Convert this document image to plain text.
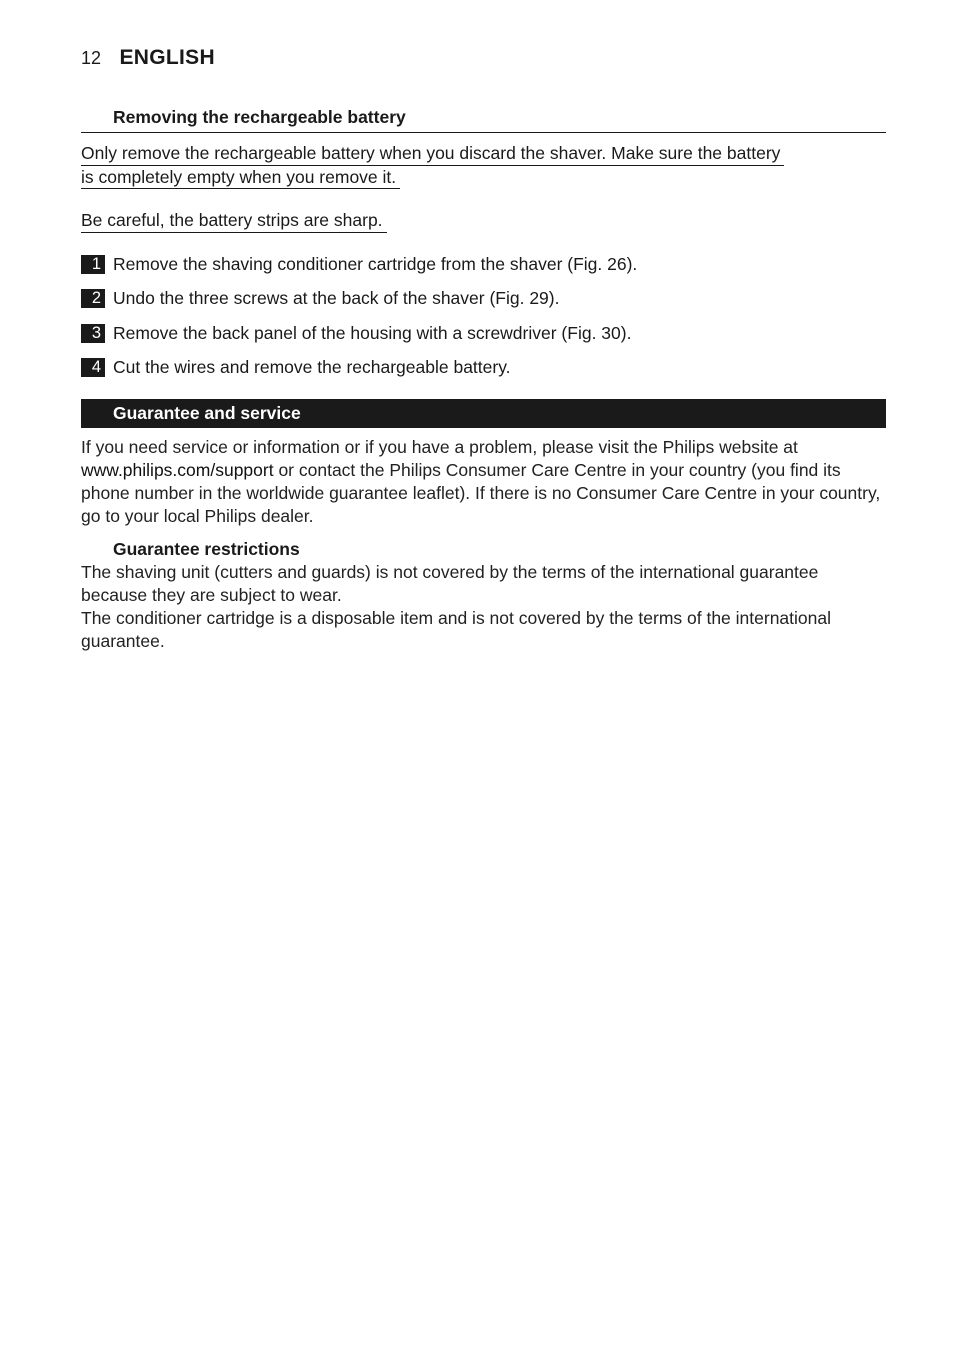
12 ENGLISH
Removing the rechargeable battery
Only remove the rechargeable battery when you discard the shaver. Make sure the battery
is completely empty when you remove it.
Be careful, the battery strips are sharp.
1 Remove the shaving conditioner cartridge from the shaver (Fig. 26).
2 Undo the three screws at the back of the shaver (Fig. 29).
3 Remove the back panel of the housing with a screwdriver (Fig. 30).
4 Cut the wires and remove the rechargeable battery.
Guarantee and service
If you need service or information or if you have a problem, please visit the Philips website at www.philips.com/support or contact the Philips Consumer Care Centre in your country (you find its phone number in the worldwide guarantee leaflet). If there is no Consumer Care Centre in your country, go to your local Philips dealer.
Guarantee restrictions
The shaving unit (cutters and guards) is not covered by the terms of the international guarantee because they are subject to wear.
The conditioner cartridge is a disposable item and is not covered by the terms of the international guarantee.
